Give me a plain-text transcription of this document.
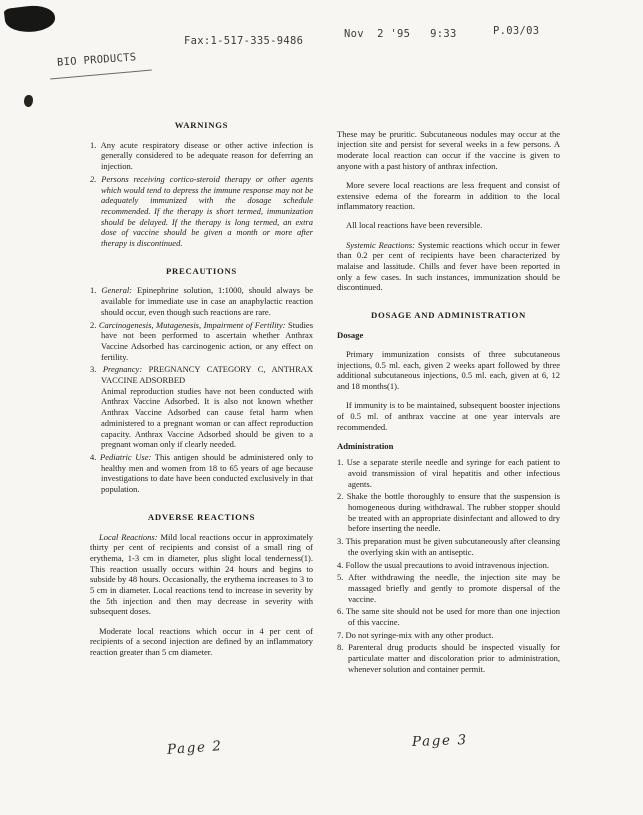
BIO PRODUCTS
Fax:1-517-335-9486
Nov  2 '95   9:33	P.03/03
WARNINGS
1. Any acute respiratory disease or other active infection is generally considered to be adequate reason for deferring an injection.
2. Persons receiving cortico-steroid therapy or other agents which would tend to depress the immune response may not be adequately immunized with the dosage schedule recommended. If the therapy is short termed, immunization should be delayed. If the therapy is long termed, an extra dose of vaccine should be given a month or more after therapy is discontinued.
PRECAUTIONS
1. General: Epinephrine solution, 1:1000, should always be available for immediate use in case an anaphylactic reaction should occur, even though such reactions are rare.
2. Carcinogenesis, Mutagenesis, Impairment of Fertility: Studies have not been performed to ascertain whether Anthrax Vaccine Adsorbed has carcinogenic action, or any effect on fertility.
3. Pregnancy: PREGNANCY CATEGORY C, ANTHRAX VACCINE ADSORBED
Animal reproduction studies have not been conducted with Anthrax Vaccine Adsorbed. It is also not known whether Anthrax Vaccine Adsorbed can cause fetal harm when administered to a pregnant woman or can affect reproduction capacity. Anthrax Vaccine Adsorbed should be given to a pregnant woman only if clearly needed.
4. Pediatric Use: This antigen should be administered only to healthy men and women from 18 to 65 years of age because investigations to date have been conducted exclusively in that population.
ADVERSE REACTIONS

Local Reactions: Mild local reactions occur in approximately thirty per cent of recipients and consist of a small ring of erythema, 1-3 cm in diameter, plus slight local tenderness(1). This reaction usually occurs within 24 hours and begins to subside by 48 hours. Occasionally, the erythema increases to 3 to 5 cm in diameter. Local reactions tend to increase in severity by the 5th injection and then may decrease in severity with subsequent doses.

Moderate local reactions which occur in 4 per cent of recipients of a second injection are defined by an inflammatory reaction greater than 5 cm diameter.

These may be pruritic. Subcutaneous nodules may occur at the injection site and persist for several weeks in a few persons. A moderate local reaction can occur if the vaccine is given to anyone with a past history of anthrax infection.

More severe local reactions are less frequent and consist of extensive edema of the forearm in addition to the local inflammatory reaction.

All local reactions have been reversible.

Systemic Reactions: Systemic reactions which occur in fewer than 0.2 per cent of recipients have been characterized by malaise and lassitude. Chills and fever have been reported in only a few cases. In such instances, immunization should be discontinued.

DOSAGE AND ADMINISTRATION
Dosage

Primary immunization consists of three subcutaneous injections, 0.5 ml. each, given 2 weeks apart followed by three additional subcutaneous injections, 0.5 ml. each, given at 6, 12 and 18 months(1).

If immunity is to be maintained, subsequent booster injections of 0.5 ml. of anthrax vaccine at one year intervals are recommended.

Administration
1. Use a separate sterile needle and syringe for each patient to avoid transmission of viral hepatitis and other infectious agents.
2. Shake the bottle thoroughly to ensure that the suspension is homogeneous during withdrawal. The rubber stopper should be treated with an appropriate disinfectant and allowed to dry before inserting the needle.
3. This preparation must be given subcutaneously after cleansing the overlying skin with an antiseptic.
4. Follow the usual precautions to avoid intravenous injection.
5. After withdrawing the needle, the injection site may be massaged briefly and gently to promote dispersal of the vaccine.
6. The same site should not be used for more than one injection of this vaccine.
7. Do not syringe-mix with any other product.
8. Parenteral drug products should be inspected visually for particulate matter and discoloration prior to administration, whenever solution and container permit.
Page 2	Page 3
